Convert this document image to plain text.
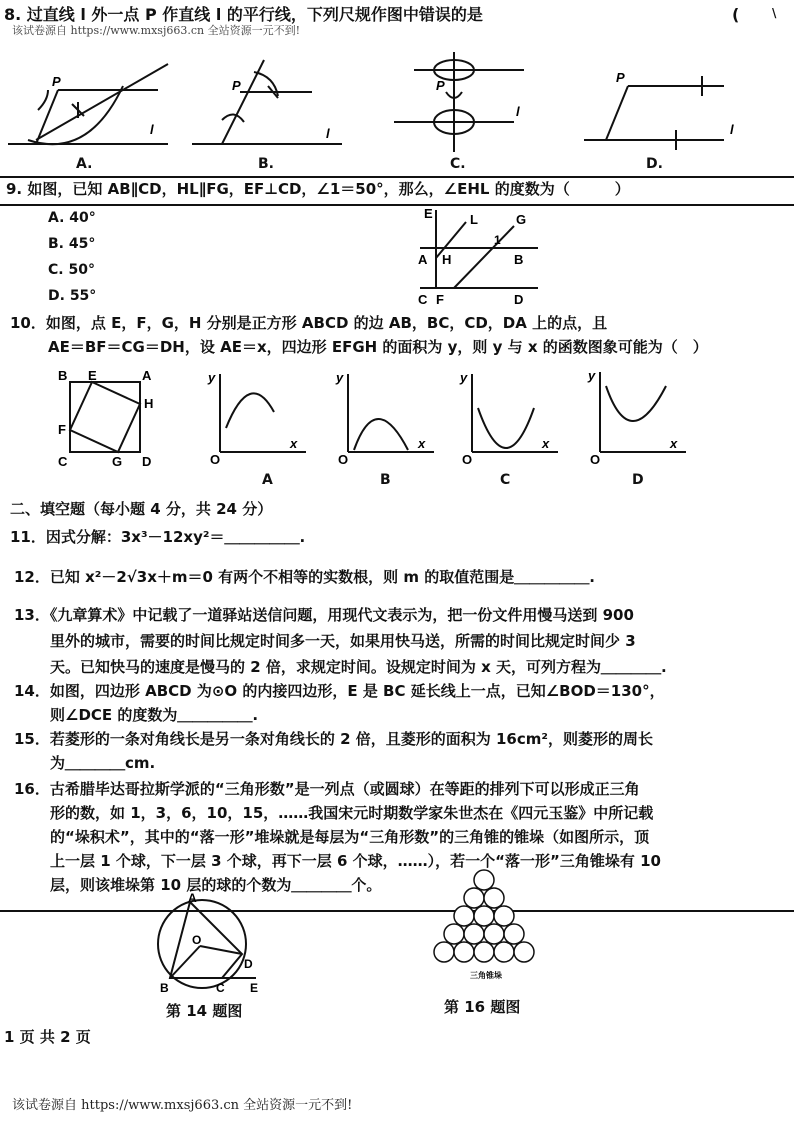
8. 过直线 l 外一点 P 作直线 l 的平行线，下列尺规作图中错误的是	(	\
该试卷源自 https://www.mxsj663.cn 全站资源一元不到!
P
l
A.
P
l
B.
P
l
C.
P
l
D.
9. 如图，已知 AB∥CD，HL∥FG，EF⊥CD，∠1＝50°，那么，∠EHL 的度数为（　　　）
A. 40°
B. 45°
C. 50°
D. 55°
E	L	G
1
A H	B
C F	D
10．如图，点 E，F，G，H 分别是正方形 ABCD 的边 AB，BC，CD，DA 上的点，且
AE＝BF＝CG＝DH，设 AE＝x，四边形 EFGH 的面积为 y，则 y 与 x 的函数图象可能为（　）
B E	A
H
F
C	G D
y
x
O
A
y
x
O
B
y
x
O
C
y
x
O
D
二、填空题（每小题 4 分，共 24 分）
11．因式分解：3x³－12xy²＝＿＿＿＿＿.
12．已知 x²－2√3x＋m＝0 有两个不相等的实数根，则 m 的取值范围是＿＿＿＿＿.
13．《九章算术》中记载了一道驿站送信问题，用现代文表示为，把一份文件用慢马送到 900
里外的城市，需要的时间比规定时间多一天，如果用快马送，所需的时间比规定时间少 3
天。已知快马的速度是慢马的 2 倍，求规定时间。设规定时间为 x 天，可列方程为＿＿＿＿.
14．如图，四边形 ABCD 为⊙O 的内接四边形，E 是 BC 延长线上一点，已知∠BOD＝130°，
则∠DCE 的度数为＿＿＿＿＿.
15．若菱形的一条对角线长是另一条对角线长的 2 倍，且菱形的面积为 16cm²，则菱形的周长
为＿＿＿＿cm.
16．古希腊毕达哥拉斯学派的“三角形数”是一列点（或圆球）在等距的排列下可以形成正三角
形的数，如 1，3，6，10，15，……我国宋元时期数学家朱世杰在《四元玉鉴》中所记载
的“垛积术”，其中的“落一形”堆垛就是每层为“三角形数”的三角锥的锥垛（如图所示，顶
上一层 1 个球，下一层 3 个球，再下一层 6 个球，……），若一个“落一形”三角锥垛有 10
层，则该堆垛第 10 层的球的个数为＿＿＿＿个。
A
O
B	C
D
E
第 14 题图
三角锥垛
第 16 题图
1 页 共 2 页
该试卷源自 https://www.mxsj663.cn 全站资源一元不到!
